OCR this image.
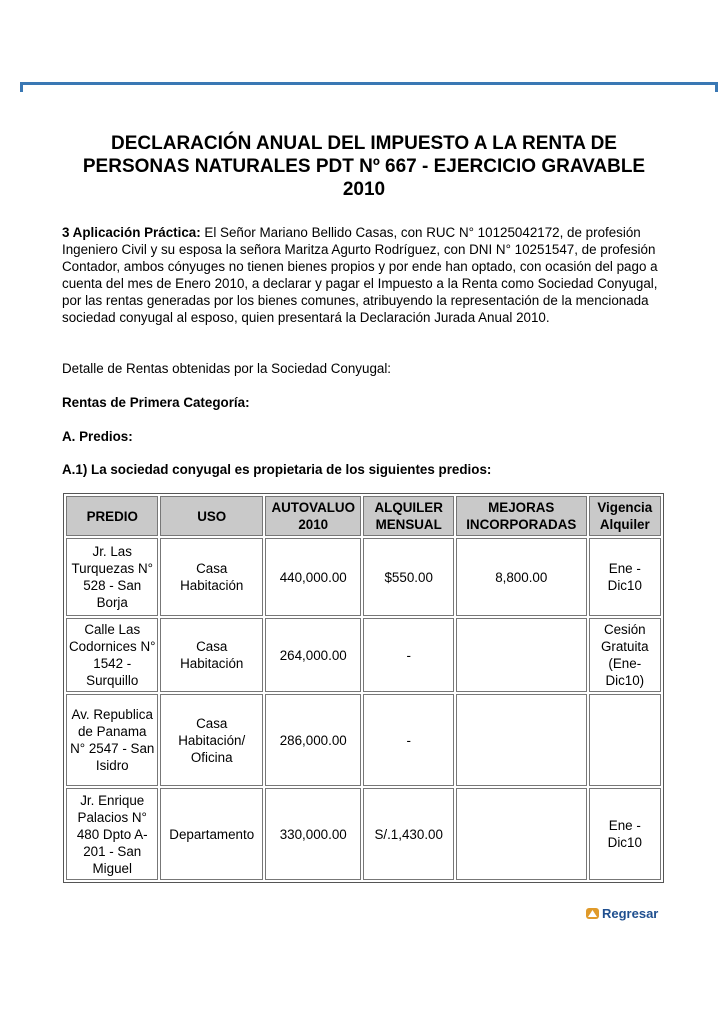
DECLARACIÓN ANUAL DEL IMPUESTO A LA RENTA DE PERSONAS NATURALES PDT Nº 667 - EJERCICIO GRAVABLE 2010
3 Aplicación Práctica: El Señor Mariano Bellido Casas, con RUC N° 10125042172, de profesión Ingeniero Civil y su esposa la señora Maritza Agurto Rodríguez, con DNI N° 10251547, de profesión Contador, ambos cónyuges no tienen bienes propios y por ende han optado, con ocasión del pago a cuenta del mes de Enero 2010, a declarar y pagar el Impuesto a la Renta como Sociedad Conyugal, por las rentas generadas por los bienes comunes, atribuyendo la representación de la mencionada sociedad conyugal al esposo, quien presentará la Declaración Jurada Anual 2010.
Detalle de Rentas obtenidas por la Sociedad Conyugal:
Rentas de Primera Categoría:
A. Predios:
A.1) La sociedad conyugal es propietaria de los siguientes predios:
PREDIO	USO	AUTOVALUO 2010	ALQUILER MENSUAL	MEJORAS INCORPORADAS	Vigencia Alquiler
Jr. Las Turquezas N° 528 - San Borja	Casa Habitación	440,000.00	$550.00	8,800.00	Ene - Dic10
Calle Las Codornices N° 1542 - Surquillo	Casa Habitación	264,000.00	-		Cesión Gratuita (Ene-Dic10)
Av. Republica de Panama N° 2547 - San Isidro	Casa Habitación/ Oficina	286,000.00	-		
Jr. Enrique Palacios N° 480 Dpto A-201 - San Miguel	Departamento	330,000.00	S/.1,430.00		Ene - Dic10
Regresar
